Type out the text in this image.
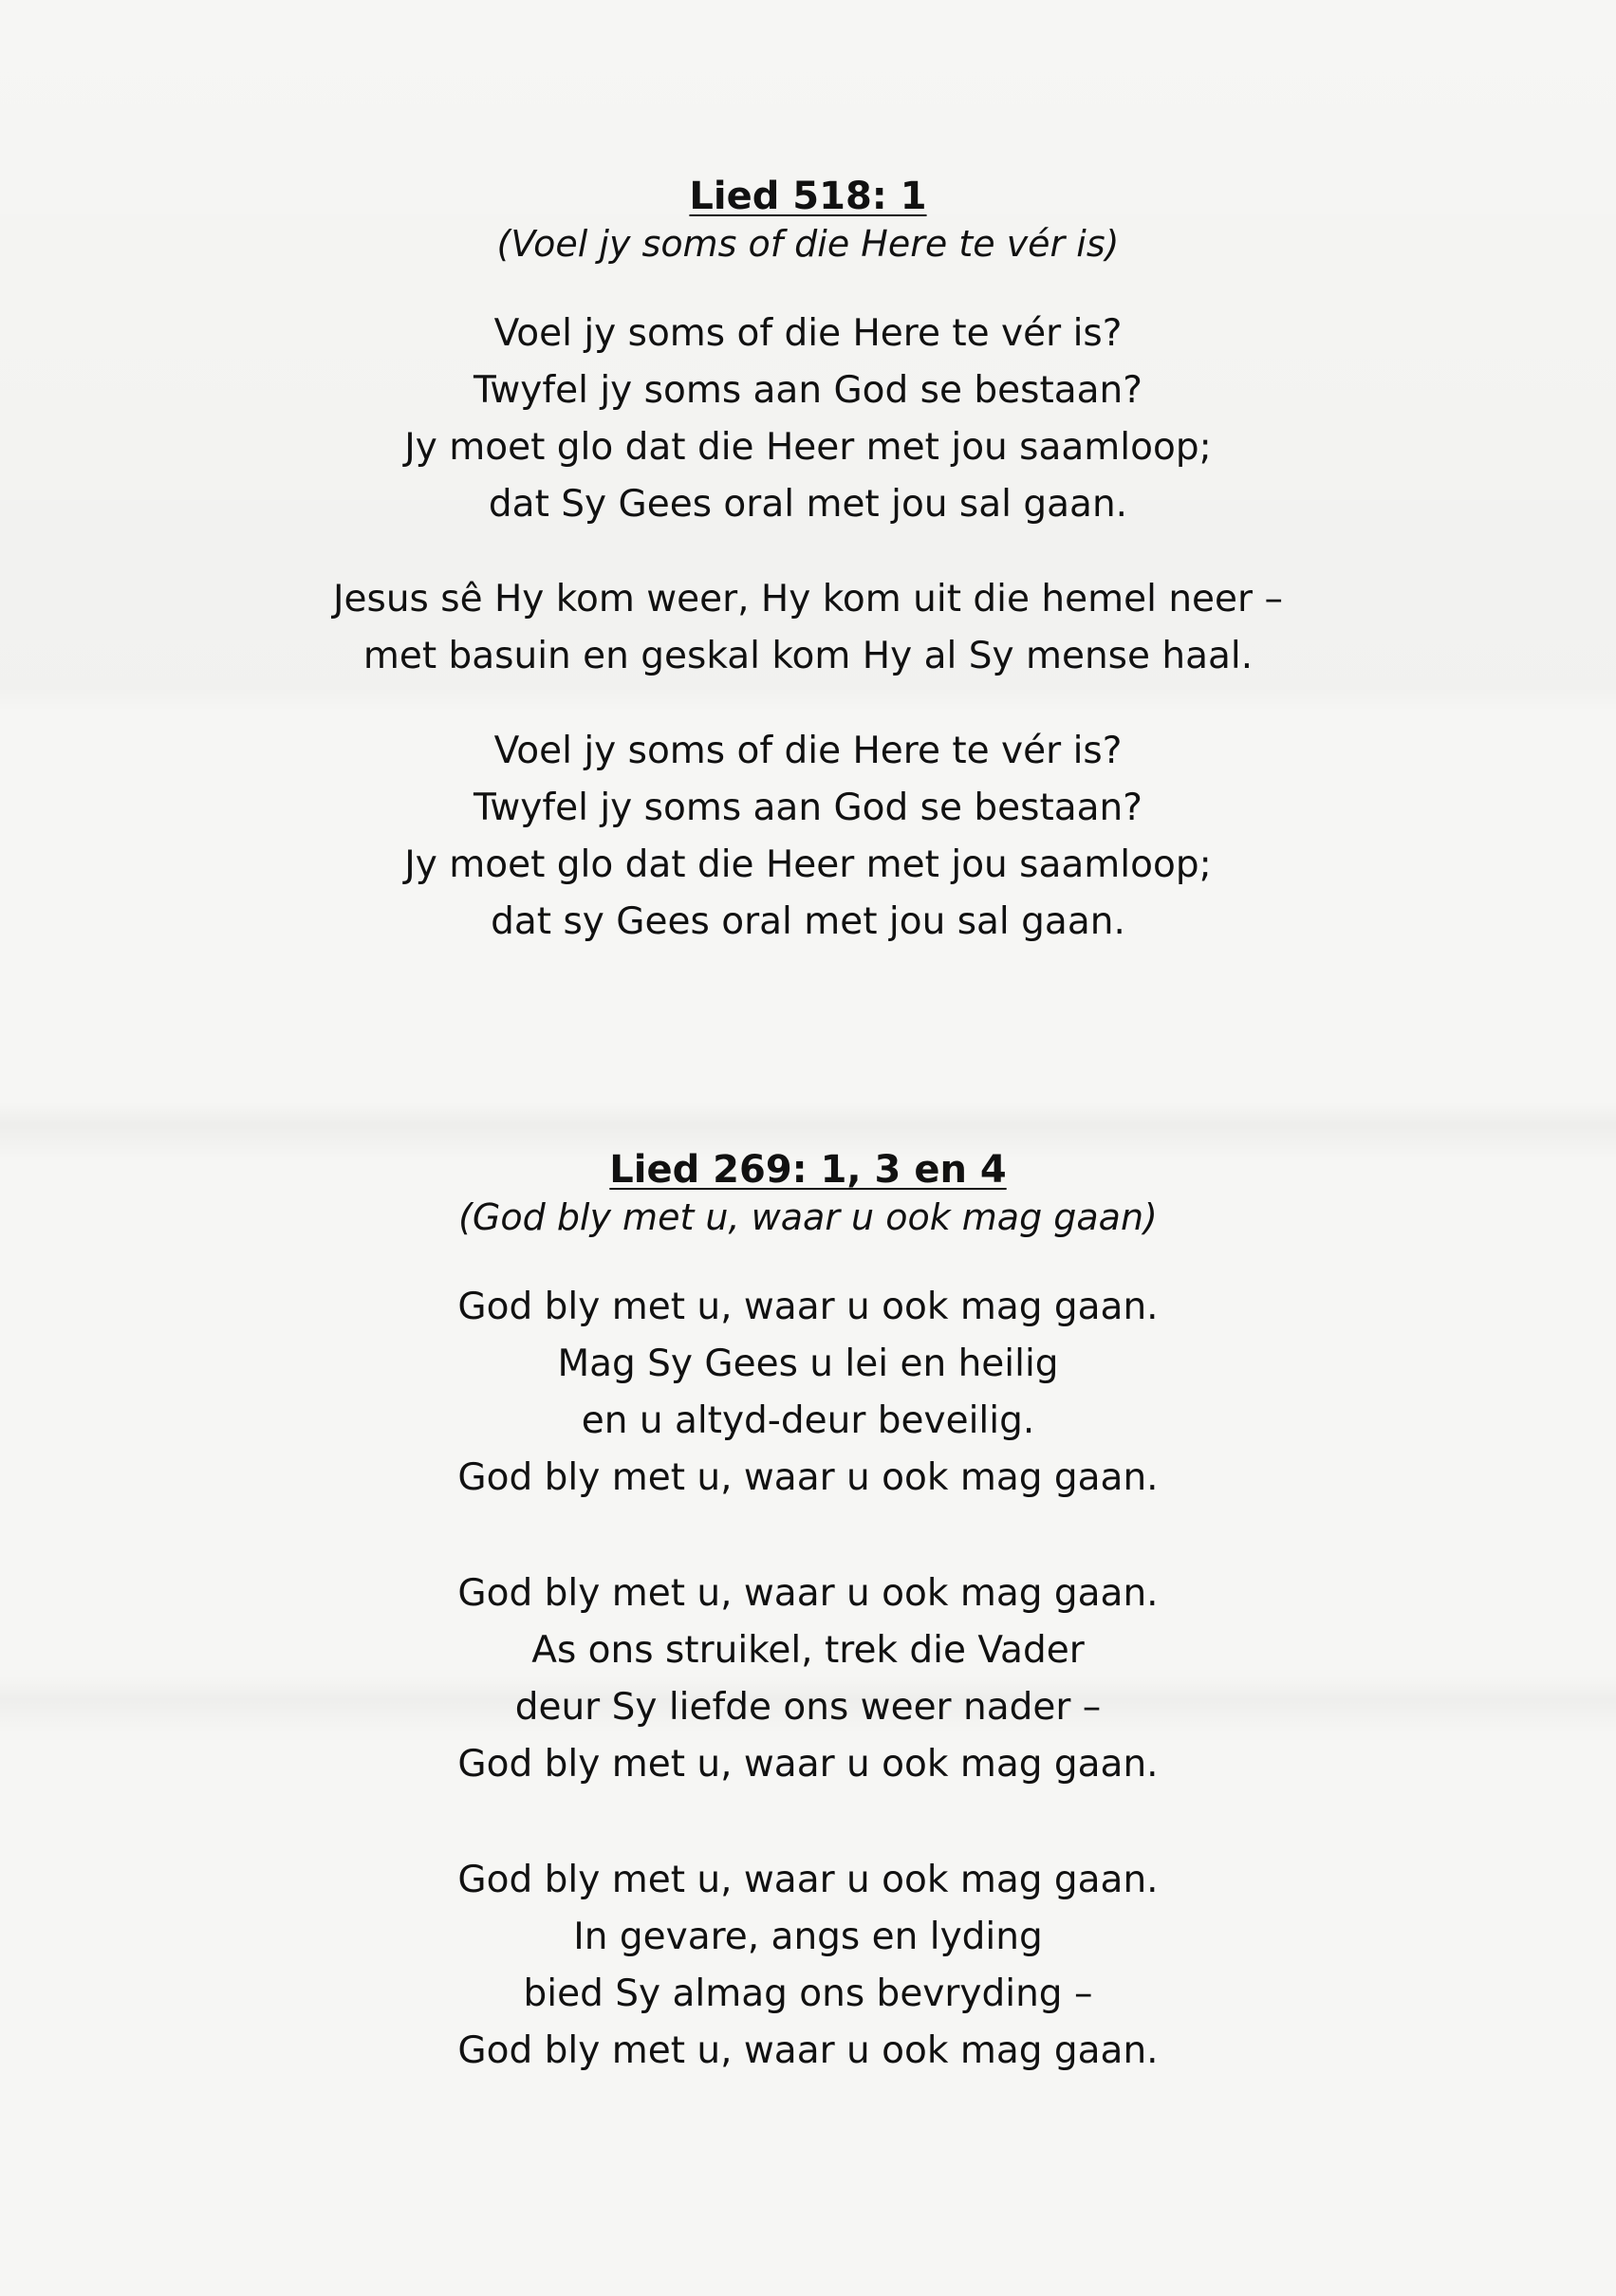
Lied 518: 1

(Voel jy soms of die Here te vér is)

Voel jy soms of die Here te vér is?
Twyfel jy soms aan God se bestaan?
Jy moet glo dat die Heer met jou saamloop;
dat Sy Gees oral met jou sal gaan.
Jesus sê Hy kom weer, Hy kom uit die hemel neer –
met basuin en geskal kom Hy al Sy mense haal.
Voel jy soms of die Here te vér is?
Twyfel jy soms aan God se bestaan?
Jy moet glo dat die Heer met jou saamloop;
dat sy Gees oral met jou sal gaan.
Lied 269: 1, 3 en 4

(God bly met u, waar u ook mag gaan)

God bly met u, waar u ook mag gaan.
Mag Sy Gees u lei en heilig
en u altyd-deur beveilig.
God bly met u, waar u ook mag gaan.
God bly met u, waar u ook mag gaan.
As ons struikel, trek die Vader
deur Sy liefde ons weer nader –
God bly met u, waar u ook mag gaan.
God bly met u, waar u ook mag gaan.
In gevare, angs en lyding
bied Sy almag ons bevryding –
God bly met u, waar u ook mag gaan.
